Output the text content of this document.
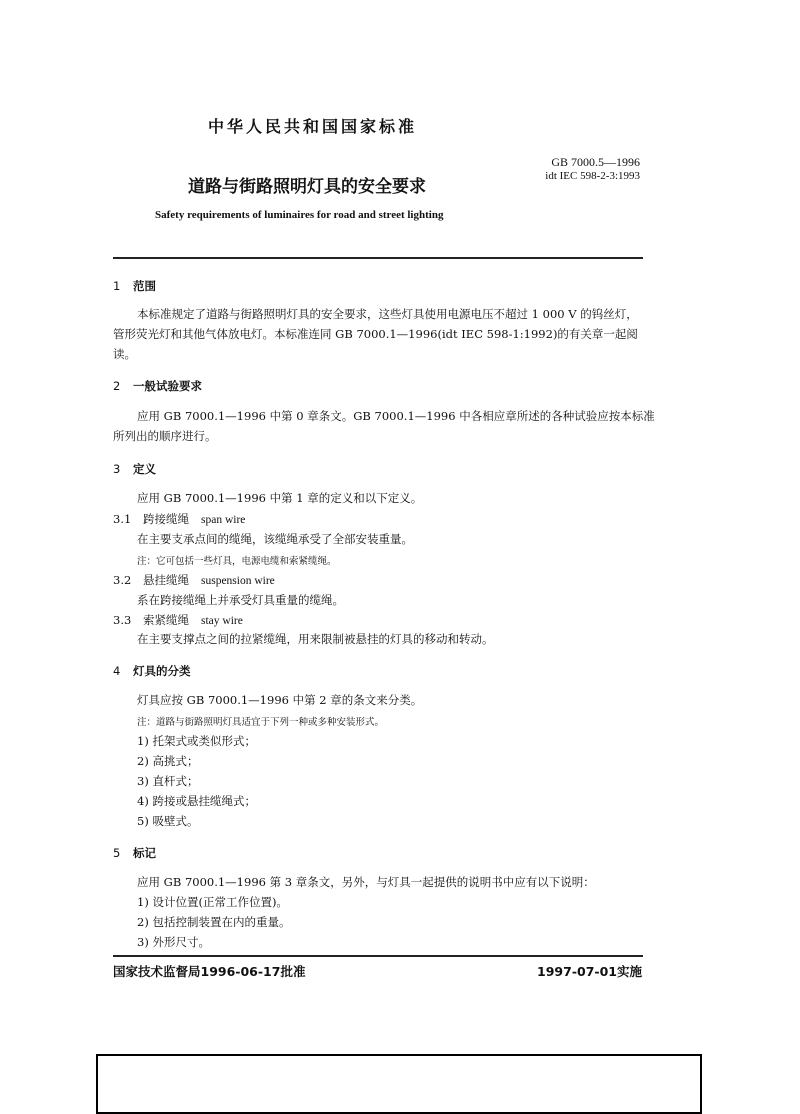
中华人民共和国国家标准
GB 7000.5—1996
idt IEC 598-2-3:1993
道路与街路照明灯具的安全要求
Safety requirements of luminaires for road and street lighting
1 范围
本标准规定了道路与街路照明灯具的安全要求，这些灯具使用电源电压不超过 1 000 V 的钨丝灯，
管形荧光灯和其他气体放电灯。本标准连同 GB 7000.1—1996(idt IEC 598-1:1992)的有关章一起阅
读。
2 一般试验要求
应用 GB 7000.1—1996 中第 0 章条文。GB 7000.1—1996 中各相应章所述的各种试验应按本标准
所列出的顺序进行。
3 定义
应用 GB 7000.1—1996 中第 1 章的定义和以下定义。
3.1 跨接缆绳 span wire
在主要支承点间的缆绳，该缆绳承受了全部安装重量。
注：它可包括一些灯具，电源电缆和索紧缆绳。
3.2 悬挂缆绳 suspension wire
系在跨接缆绳上并承受灯具重量的缆绳。
3.3 索紧缆绳 stay wire
在主要支撑点之间的拉紧缆绳，用来限制被悬挂的灯具的移动和转动。
4 灯具的分类
灯具应按 GB 7000.1—1996 中第 2 章的条文来分类。
注：道路与街路照明灯具适宜于下列一种或多种安装形式。
1) 托架式或类似形式；
2) 高挑式；
3) 直杆式；
4) 跨接或悬挂缆绳式；
5) 吸壁式。
5 标记
应用 GB 7000.1—1996 第 3 章条文，另外，与灯具一起提供的说明书中应有以下说明：
1) 设计位置(正常工作位置)。
2) 包括控制装置在内的重量。
3) 外形尺寸。
国家技术监督局1996-06-17批准	1997-07-01实施
